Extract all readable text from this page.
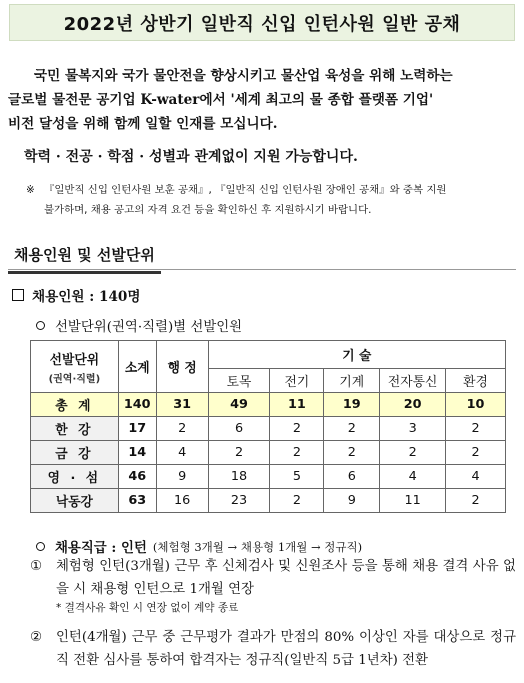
2022년 상반기 일반직 신입 인턴사원 일반 공채
국민 물복지와 국가 물안전을 향상시키고 물산업 육성을 위해 노력하는
글로벌 물전문 공기업 K-water에서 '세계 최고의 물 종합 플랫폼 기업'
비전 달성을 위해 함께 일할 인재를 모십니다.
학력 · 전공 · 학점 · 성별과 관계없이 지원 가능합니다.
※ 『일반직 신입 인턴사원 보훈 공채』, 『일반직 신입 인턴사원 장애인 공채』와 중복 지원
불가하며, 채용 공고의 자격 요건 등을 확인하신 후 지원하시기 바랍니다.
채용인원 및 선발단위
채용인원 : 140명
선발단위(권역·직렬)별 선발인원
선발단위
(권역·직렬)	소계	행 정	기 술				
			토목	전기	기계	전자통신	환경
총 계	140	31	49	11	19	20	10
한 강	17	2	6	2	2	3	2
금 강	14	4	2	2	2	2	2
영 · 섬	46	9	18	5	6	4	4
낙동강	63	16	23	2	9	11	2
채용직급 : 인턴 (체험형 3개월 → 채용형 1개월 → 정규직)
①	체험형 인턴(3개월) 근무 후 신체검사 및 신원조사 등을 통해 채용 결격 사유 없을 시 채용형 인턴으로 1개월 연장
* 결격사유 확인 시 연장 없이 계약 종료
②	인턴(4개월) 근무 중 근무평가 결과가 만점의 80% 이상인 자를 대상으로 정규직 전환 심사를 통하여 합격자는 정규직(일반직 5급 1년차) 전환
